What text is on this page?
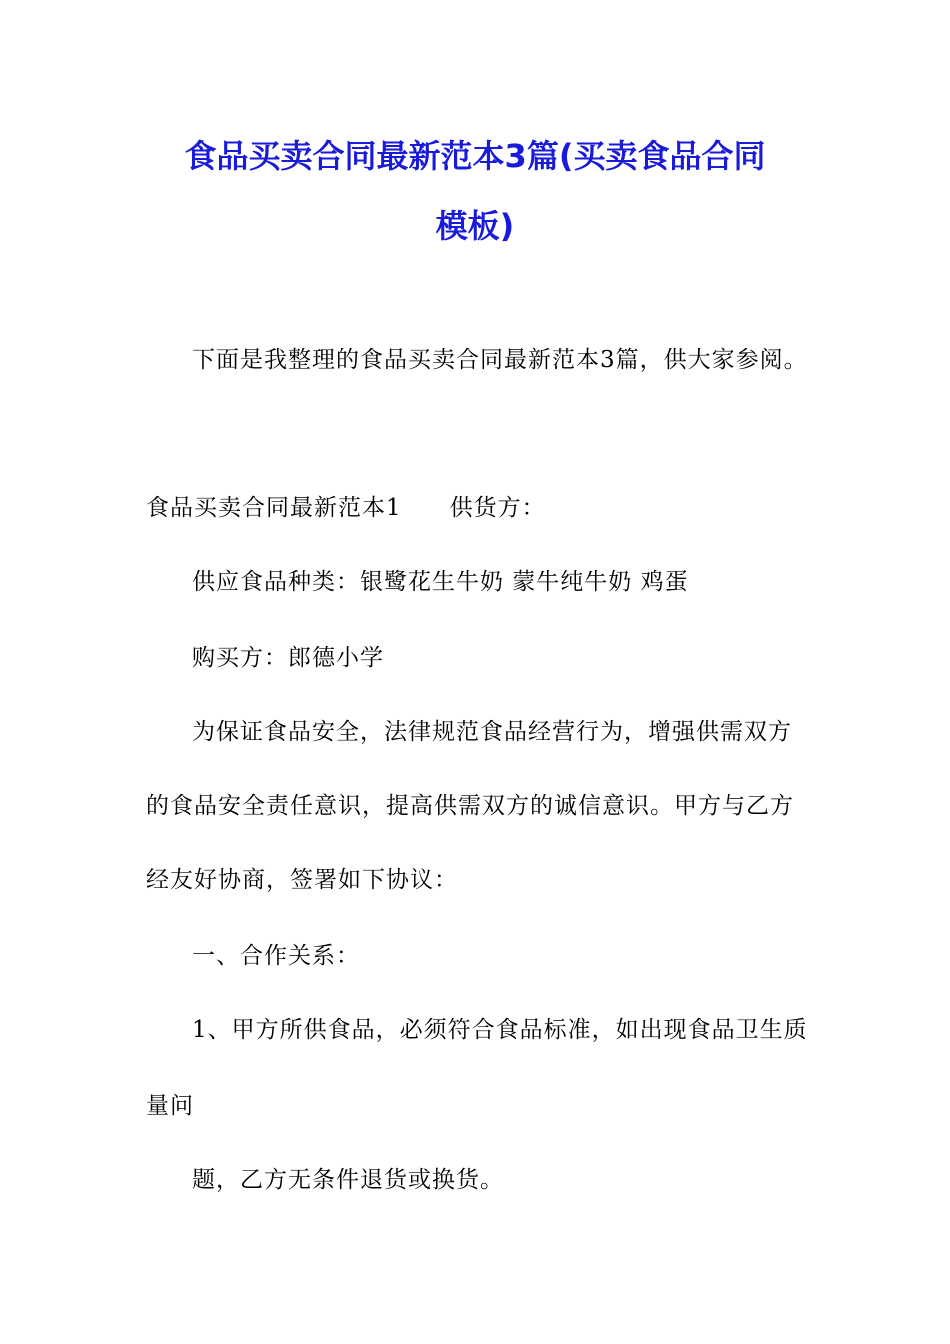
食品买卖合同最新范本3篇(买卖食品合同
模板)
下面是我整理的食品买卖合同最新范本3篇，供大家参阅。
食品买卖合同最新范本1 供货方：
供应食品种类：银鹭花生牛奶 蒙牛纯牛奶 鸡蛋
购买方：郎德小学
为保证食品安全，法律规范食品经营行为，增强供需双方
的食品安全责任意识，提高供需双方的诚信意识。甲方与乙方
经友好协商，签署如下协议：
一、合作关系：
1、甲方所供食品，必须符合食品标准，如出现食品卫生质
量问
题，乙方无条件退货或换货。
